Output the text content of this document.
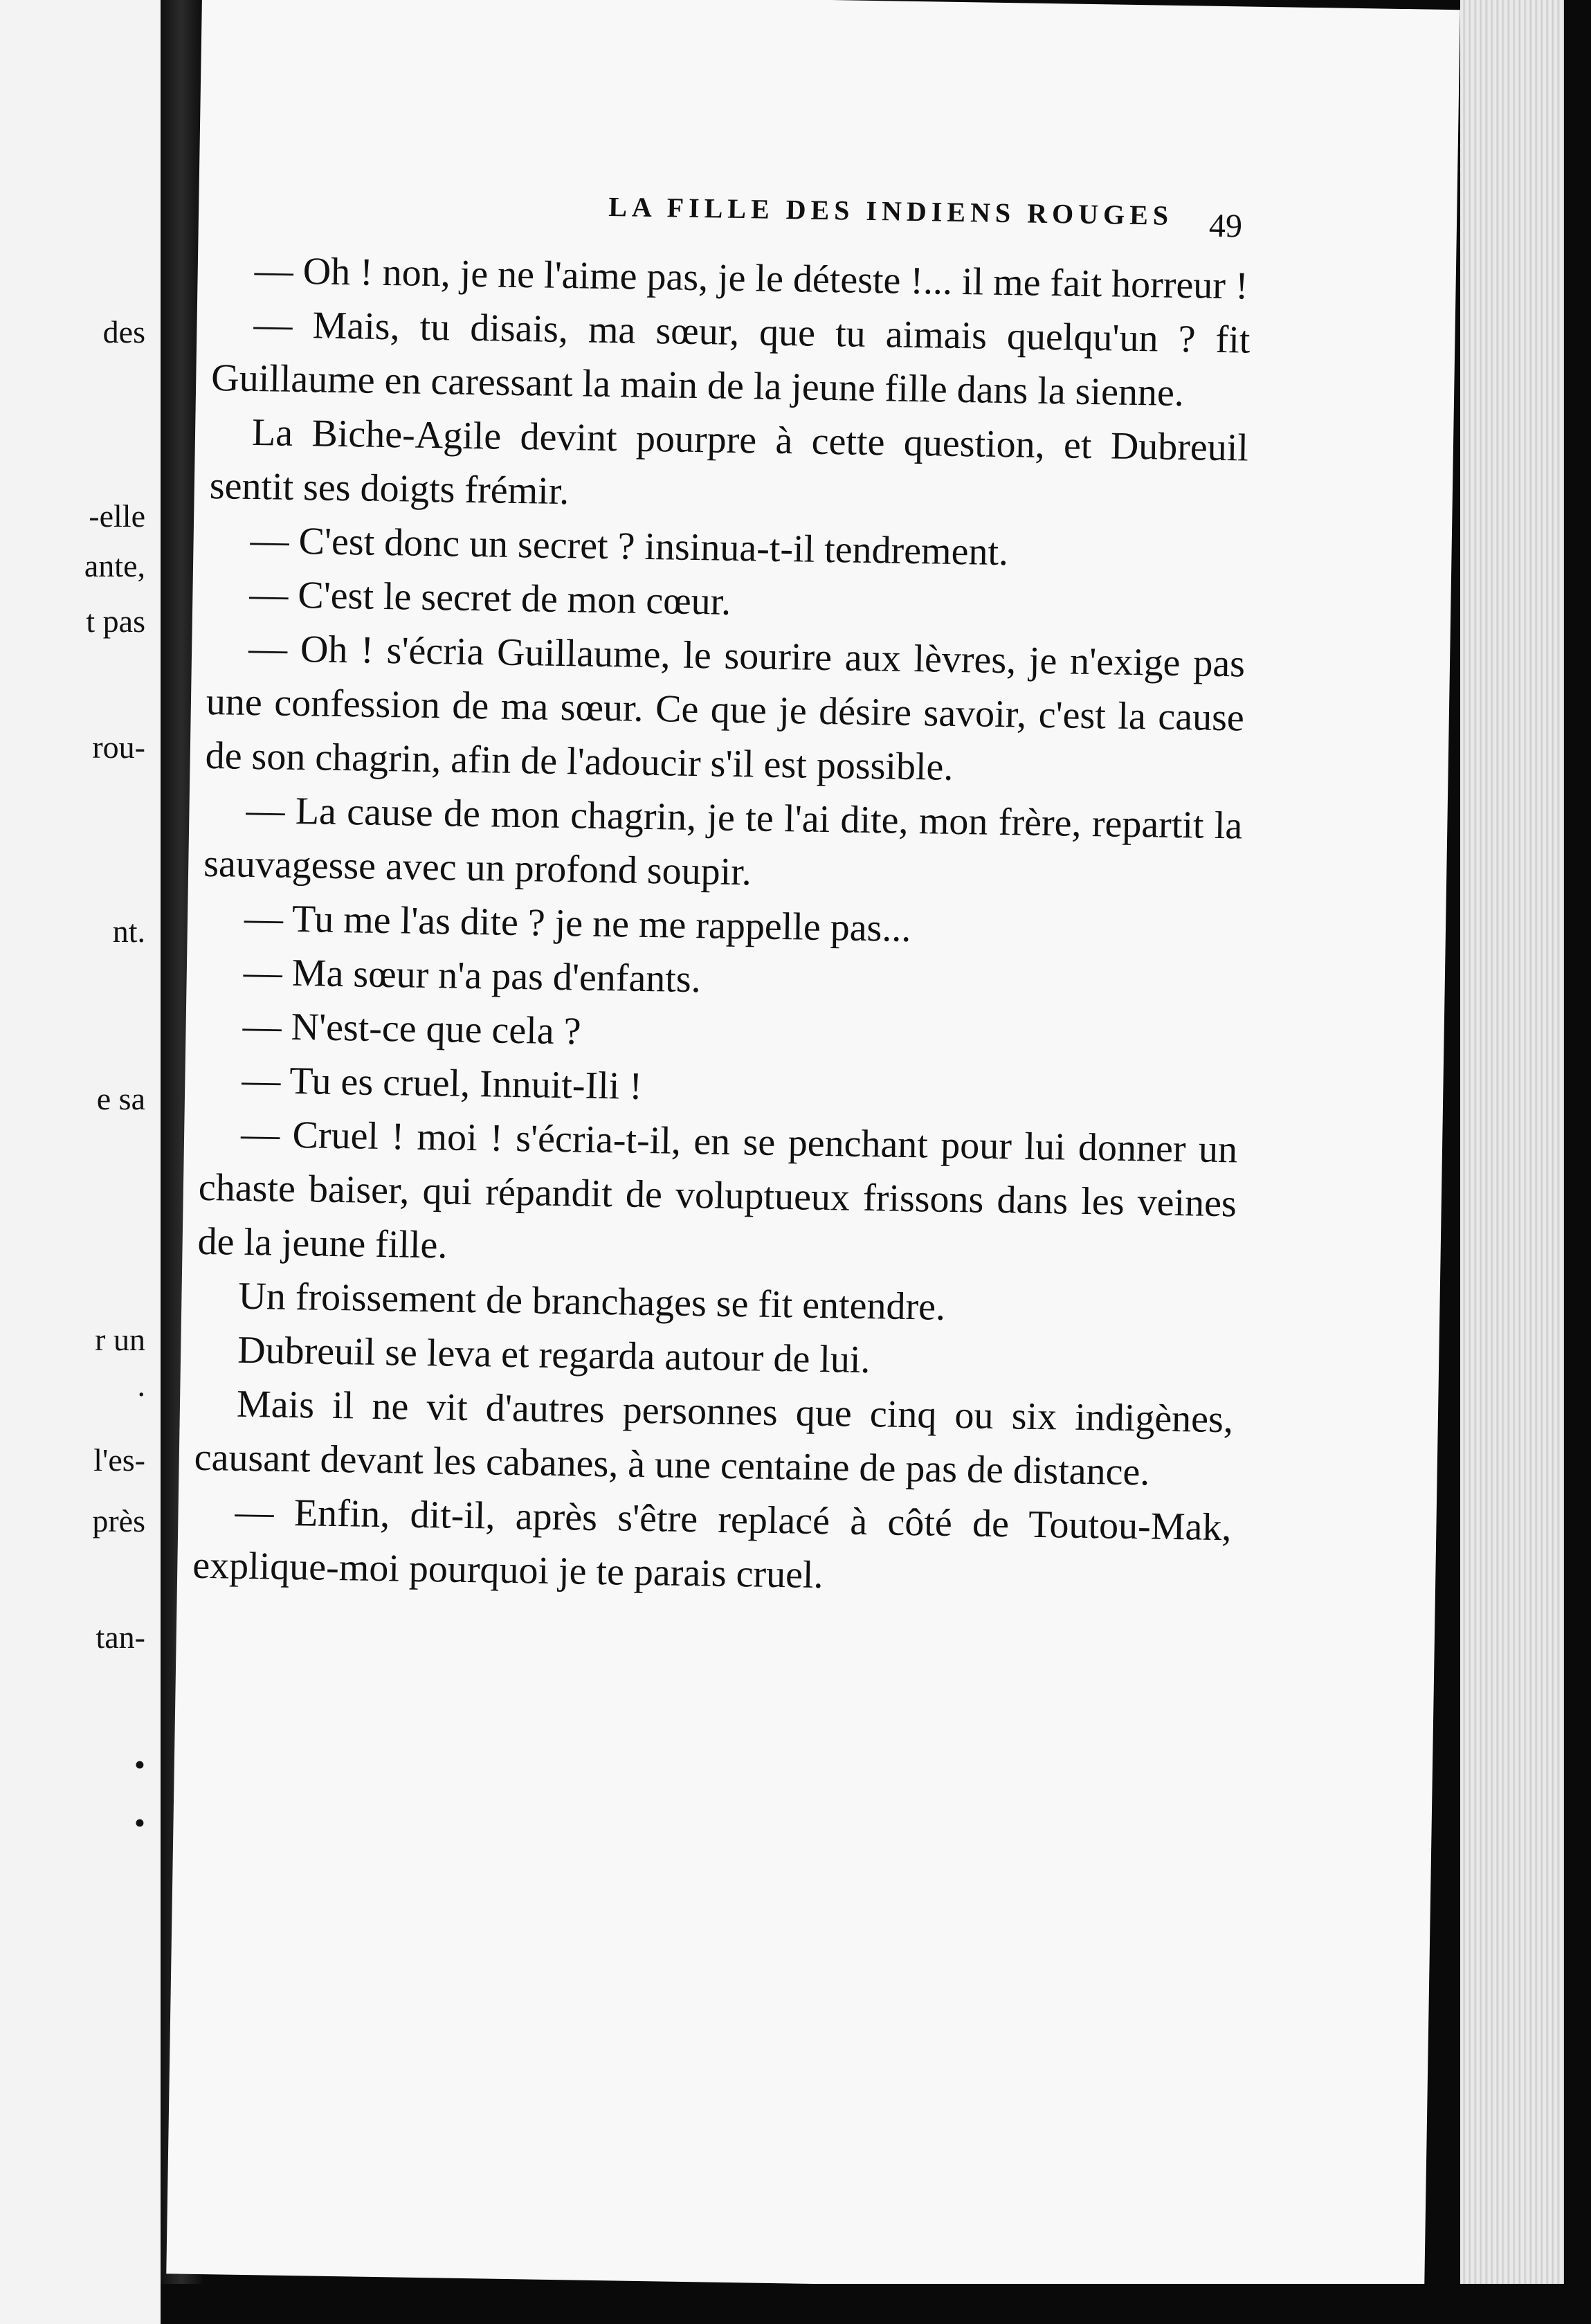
des
-elle
ante,
t pas
rou-
nt.
e sa
r un
.
l'es-
près
tan-
•
•
LA FILLE DES INDIENS ROUGES	49

— Oh ! non, je ne l'aime pas, je le déteste !... il me fait horreur !

— Mais, tu disais, ma sœur, que tu aimais quelqu'un ? fit Guillaume en caressant la main de la jeune fille dans la sienne.

La Biche-Agile devint pourpre à cette question, et Dubreuil sentit ses doigts frémir.

— C'est donc un secret ? insinua-t-il tendrement.

— C'est le secret de mon cœur.

— Oh ! s'écria Guillaume, le sourire aux lèvres, je n'exige pas une confession de ma sœur. Ce que je désire savoir, c'est la cause de son chagrin, afin de l'adoucir s'il est possible.

— La cause de mon chagrin, je te l'ai dite, mon frère, repartit la sauvagesse avec un profond soupir.

— Tu me l'as dite ? je ne me rappelle pas...

— Ma sœur n'a pas d'enfants.

— N'est-ce que cela ?

— Tu es cruel, Innuit-Ili !

— Cruel ! moi ! s'écria-t-il, en se penchant pour lui donner un chaste baiser, qui répandit de voluptueux frissons dans les veines de la jeune fille.

Un froissement de branchages se fit entendre.

Dubreuil se leva et regarda autour de lui.

Mais il ne vit d'autres personnes que cinq ou six indigènes, causant devant les cabanes, à une centaine de pas de distance.

— Enfin, dit-il, après s'être replacé à côté de Toutou-Mak, explique-moi pourquoi je te parais cruel.
